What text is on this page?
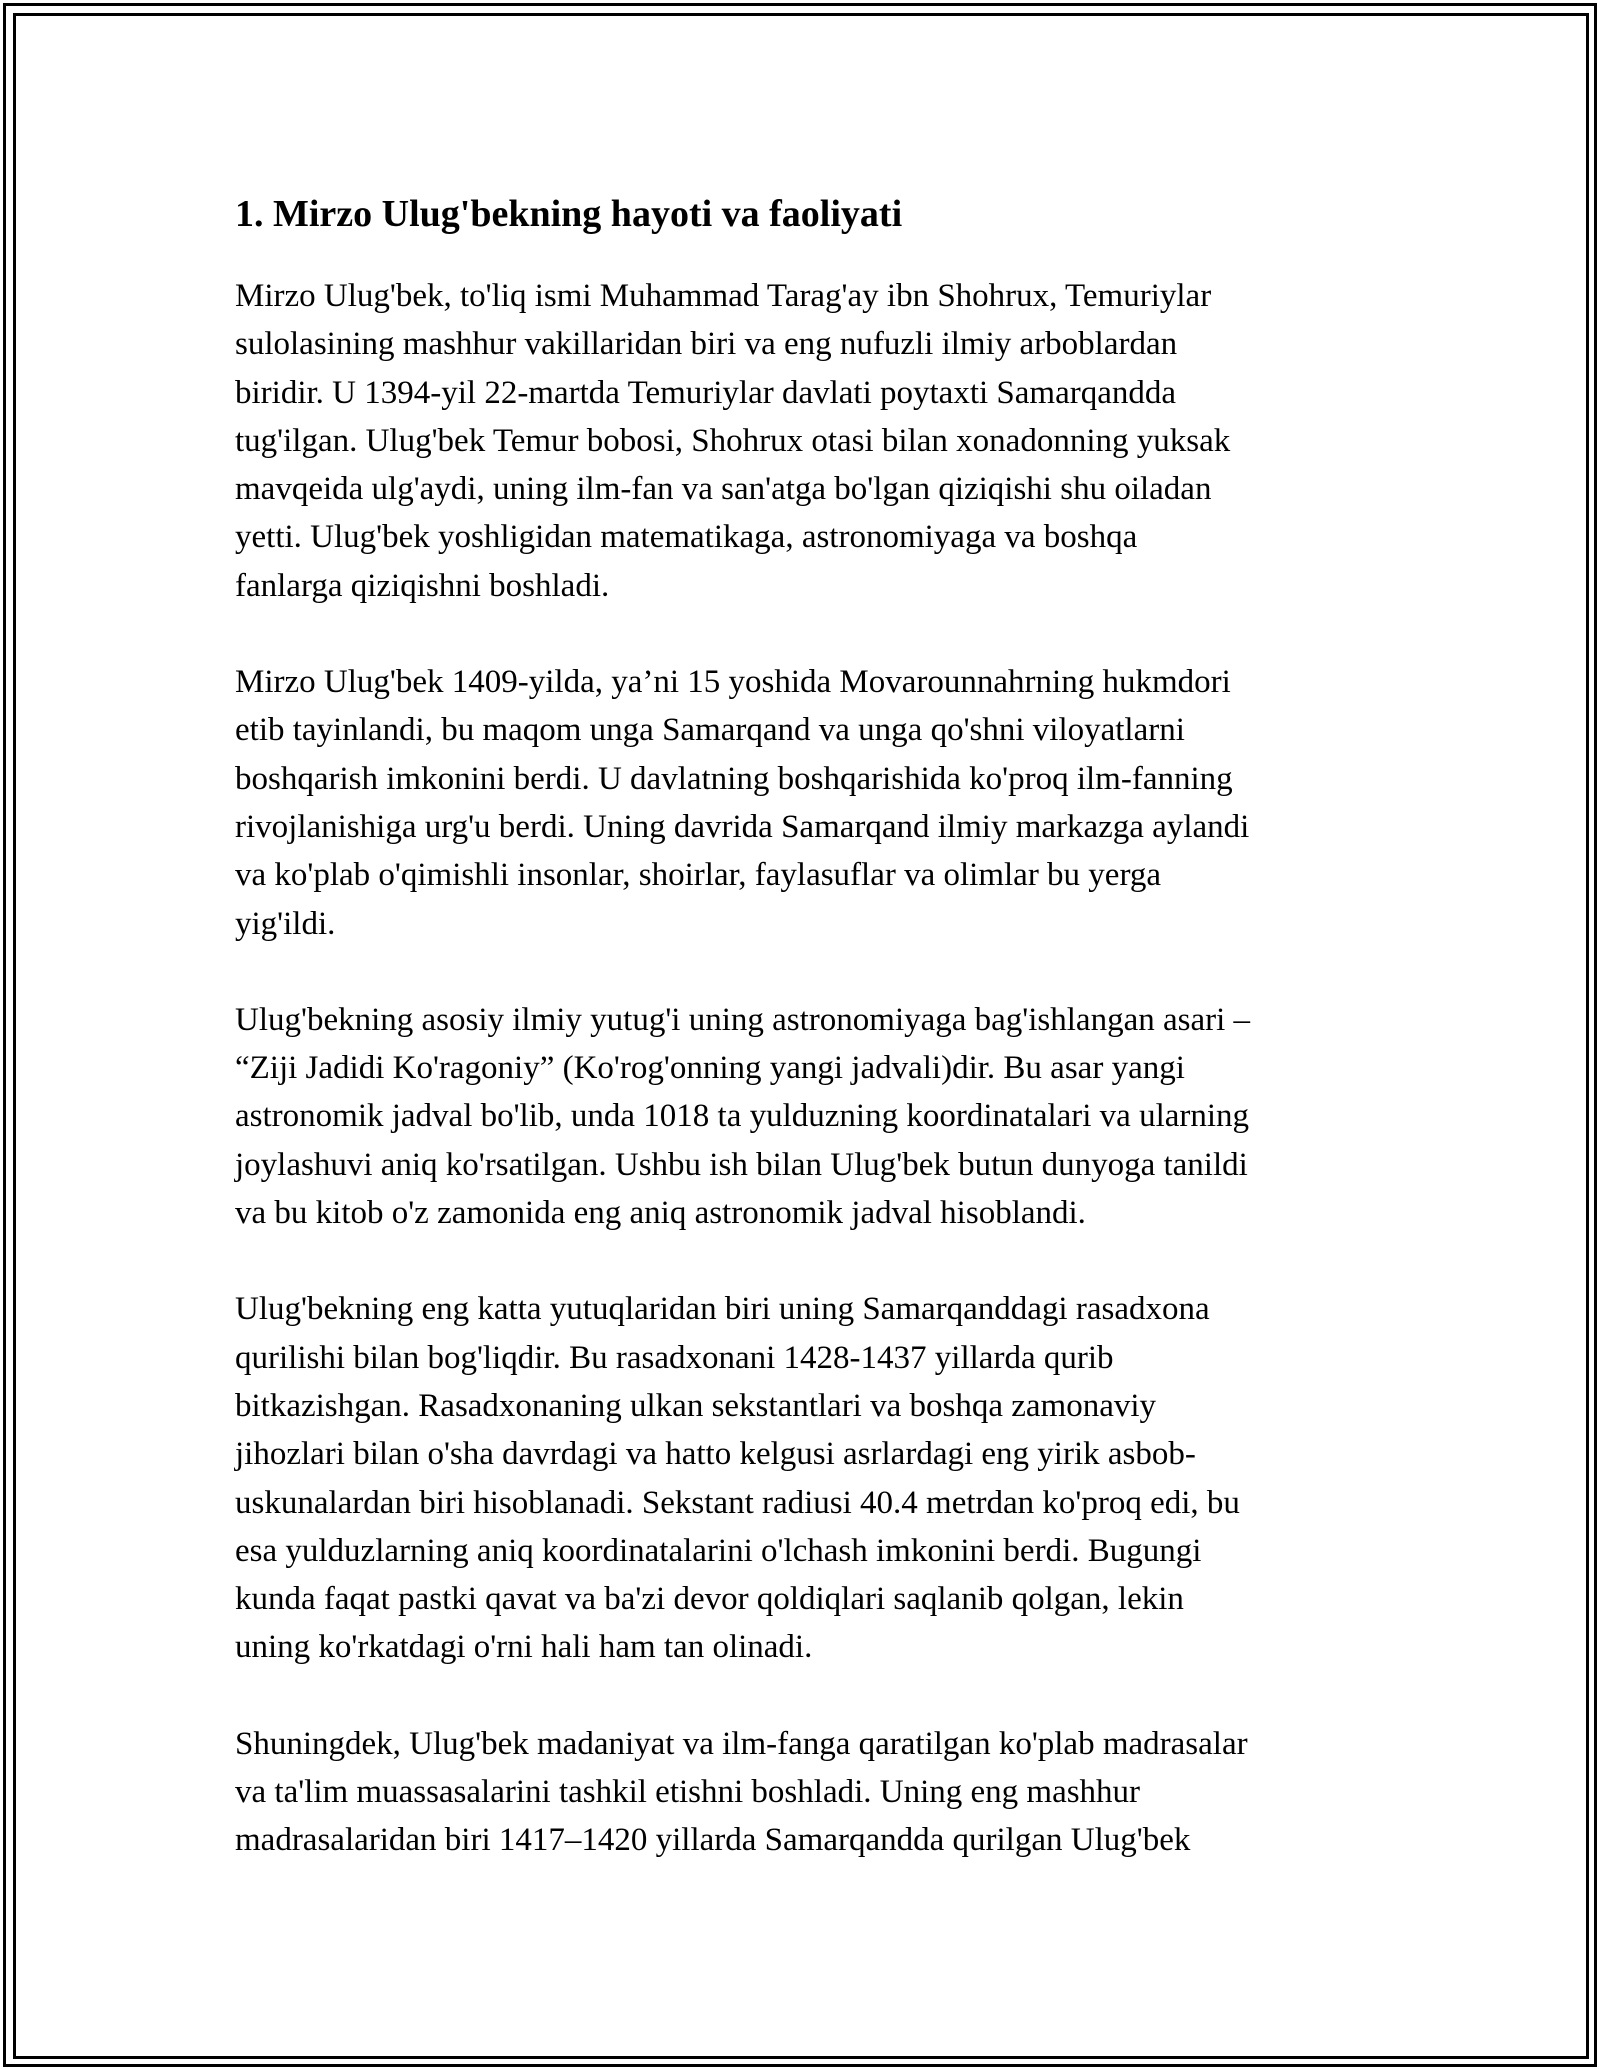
1. Mirzo Ulug'bekning hayoti va faoliyati

Mirzo Ulug'bek, to'liq ismi Muhammad Tarag'ay ibn Shohrux, Temuriylar
sulolasining mashhur vakillaridan biri va eng nufuzli ilmiy arboblardan
biridir. U 1394-yil 22-martda Temuriylar davlati poytaxti Samarqandda
tug'ilgan. Ulug'bek Temur bobosi, Shohrux otasi bilan xonadonning yuksak
mavqeida ulg'aydi, uning ilm-fan va san'atga bo'lgan qiziqishi shu oiladan
yetti. Ulug'bek yoshligidan matematikaga, astronomiyaga va boshqa
fanlarga qiziqishni boshladi.

Mirzo Ulug'bek 1409-yilda, ya’ni 15 yoshida Movarounnahrning hukmdori
etib tayinlandi, bu maqom unga Samarqand va unga qo'shni viloyatlarni
boshqarish imkonini berdi. U davlatning boshqarishida ko'proq ilm-fanning
rivojlanishiga urg'u berdi. Uning davrida Samarqand ilmiy markazga aylandi
va ko'plab o'qimishli insonlar, shoirlar, faylasuflar va olimlar bu yerga
yig'ildi.

Ulug'bekning asosiy ilmiy yutug'i uning astronomiyaga bag'ishlangan asari –
“Ziji Jadidi Ko'ragoniy” (Ko'rog'onning yangi jadvali)dir. Bu asar yangi
astronomik jadval bo'lib, unda 1018 ta yulduzning koordinatalari va ularning
joylashuvi aniq ko'rsatilgan. Ushbu ish bilan Ulug'bek butun dunyoga tanildi
va bu kitob o'z zamonida eng aniq astronomik jadval hisoblandi.

Ulug'bekning eng katta yutuqlaridan biri uning Samarqanddagi rasadxona
qurilishi bilan bog'liqdir. Bu rasadxonani 1428-1437 yillarda qurib
bitkazishgan. Rasadxonaning ulkan sekstantlari va boshqa zamonaviy
jihozlari bilan o'sha davrdagi va hatto kelgusi asrlardagi eng yirik asbob-
uskunalardan biri hisoblanadi. Sekstant radiusi 40.4 metrdan ko'proq edi, bu
esa yulduzlarning aniq koordinatalarini o'lchash imkonini berdi. Bugungi
kunda faqat pastki qavat va ba'zi devor qoldiqlari saqlanib qolgan, lekin
uning ko'rkatdagi o'rni hali ham tan olinadi.

Shuningdek, Ulug'bek madaniyat va ilm-fanga qaratilgan ko'plab madrasalar
va ta'lim muassasalarini tashkil etishni boshladi. Uning eng mashhur
madrasalaridan biri 1417–1420 yillarda Samarqandda qurilgan Ulug'bek
